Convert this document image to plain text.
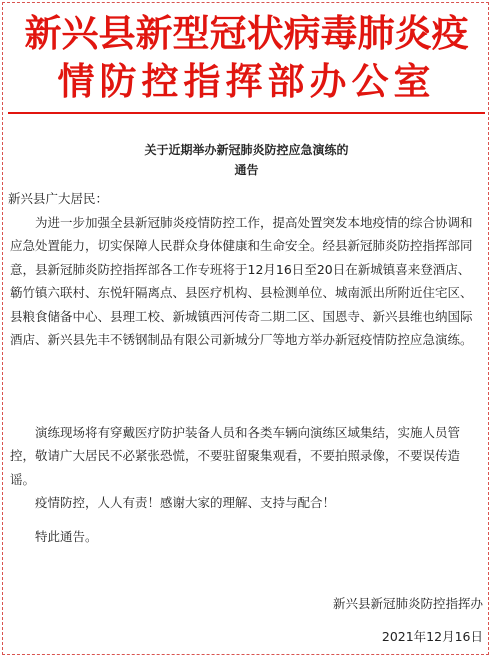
新兴县新型冠状病毒肺炎疫
情防控指挥部办公室
关于近期举办新冠肺炎防控应急演练的
通告
新兴县广大居民：

为进一步加强全县新冠肺炎疫情防控工作，提高处置突发本地疫情的综合协调和应急处置能力，切实保障人民群众身体健康和生命安全。经县新冠肺炎防控指挥部同意，县新冠肺炎防控指挥部各工作专班将于12月16日至20日在新城镇喜来登酒店、簕竹镇六联村、东悦轩隔离点、县医疗机构、县检测单位、城南派出所附近住宅区、县粮食储备中心、县理工校、新城镇西河传奇二期二区、国恩寺、新兴县维也纳国际酒店、新兴县先丰不锈钢制品有限公司新城分厂等地方举办新冠疫情防控应急演练。

演练现场将有穿戴医疗防护装备人员和各类车辆向演练区域集结，实施人员管控，敬请广大居民不必紧张恐慌，不要驻留聚集观看，不要拍照录像，不要误传造谣。

疫情防控，人人有责！感谢大家的理解、支持与配合！

特此通告。

新兴县新冠肺炎防控指挥办
2021年12月16日
